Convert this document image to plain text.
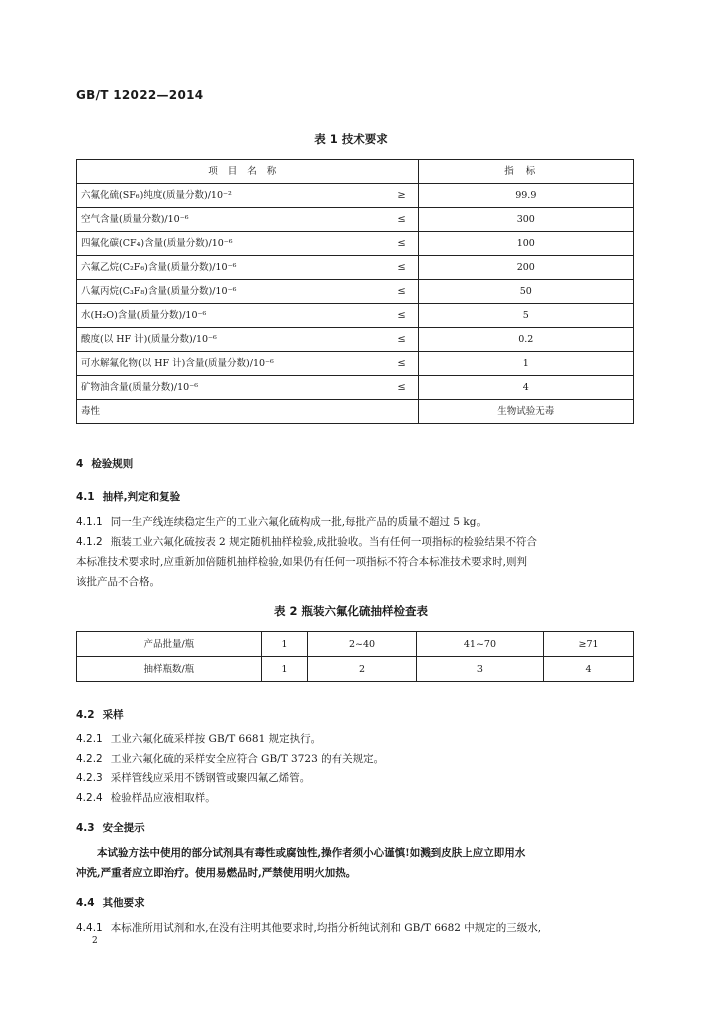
GB/T 12022—2014
表 1 技术要求
项目名称		指标
六氟化硫(SF₆)纯度(质量分数)/10⁻²	≥	99.9
空气含量(质量分数)/10⁻⁶	≤	300
四氟化碳(CF₄)含量(质量分数)/10⁻⁶	≤	100
六氟乙烷(C₂F₆)含量(质量分数)/10⁻⁶	≤	200
八氟丙烷(C₃F₈)含量(质量分数)/10⁻⁶	≤	50
水(H₂O)含量(质量分数)/10⁻⁶	≤	5
酸度(以 HF 计)(质量分数)/10⁻⁶	≤	0.2
可水解氟化物(以 HF 计)含量(质量分数)/10⁻⁶	≤	1
矿物油含量(质量分数)/10⁻⁶	≤	4
毒性		生物试验无毒
4 检验规则
4.1 抽样,判定和复验
4.1.1 同一生产线连续稳定生产的工业六氟化硫构成一批,每批产品的质量不超过 5 kg。
4.1.2 瓶装工业六氟化硫按表 2 规定随机抽样检验,成批验收。当有任何一项指标的检验结果不符合
本标准技术要求时,应重新加倍随机抽样检验,如果仍有任何一项指标不符合本标准技术要求时,则判
该批产品不合格。
表 2 瓶装六氟化硫抽样检查表
产品批量/瓶	1	2~40	41~70	≥71
抽样瓶数/瓶	1	2	3	4
4.2 采样
4.2.1 工业六氟化硫采样按 GB/T 6681 规定执行。
4.2.2 工业六氟化硫的采样安全应符合 GB/T 3723 的有关规定。
4.2.3 采样管线应采用不锈钢管或聚四氟乙烯管。
4.2.4 检验样品应液相取样。
4.3 安全提示
本试验方法中使用的部分试剂具有毒性或腐蚀性,操作者须小心谨慎!如溅到皮肤上应立即用水
冲洗,严重者应立即治疗。使用易燃品时,严禁使用明火加热。
4.4 其他要求
4.4.1 本标准所用试剂和水,在没有注明其他要求时,均指分析纯试剂和 GB/T 6682 中规定的三级水,
2
